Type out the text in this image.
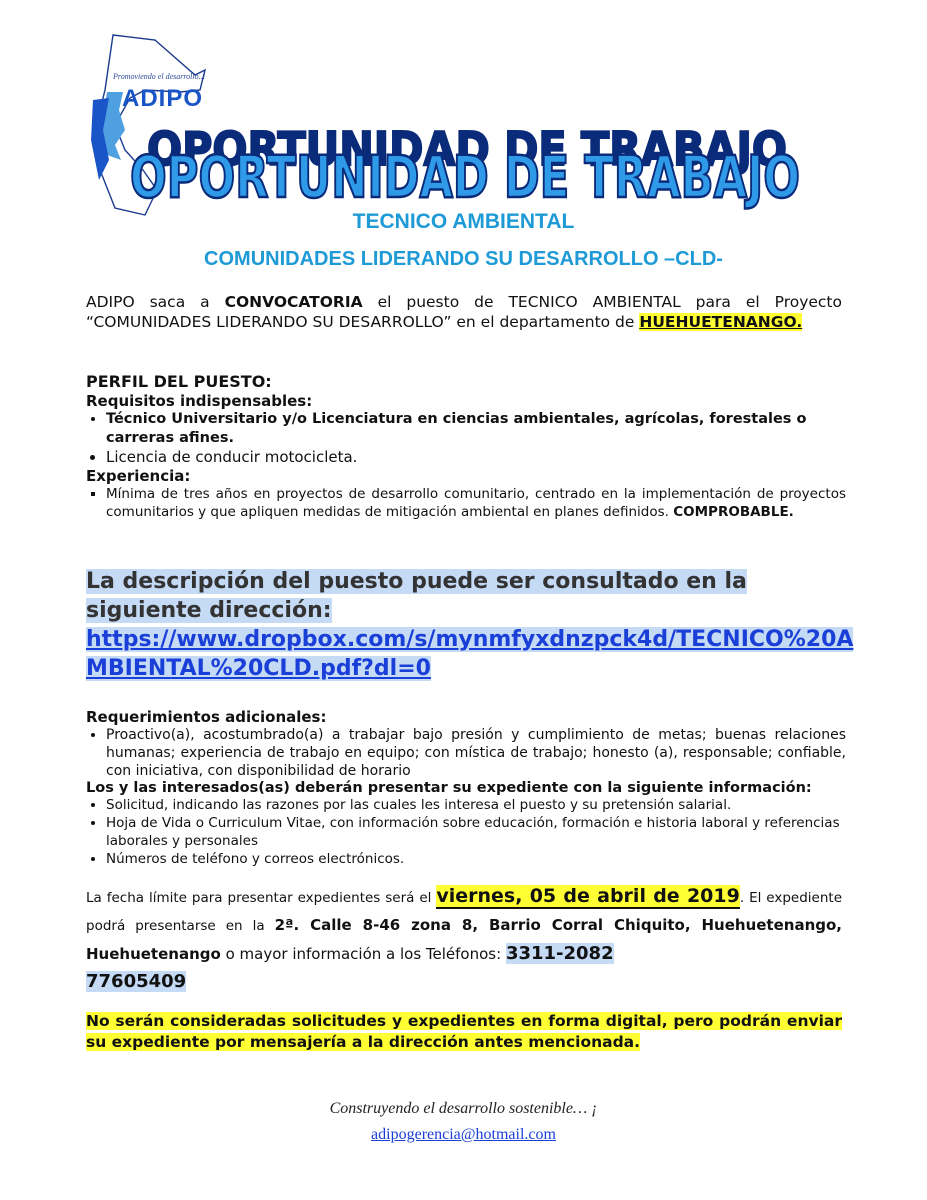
Promoviendo el desarrollo..!
ADIPO
OPORTUNIDAD DE TRABAJO
OPORTUNIDAD DE TRABAJO
TECNICO AMBIENTAL
COMUNIDADES LIDERANDO SU DESARROLLO –CLD-
ADIPO saca a CONVOCATORIA el puesto de TECNICO AMBIENTAL para el Proyecto “COMUNIDADES LIDERANDO SU DESARROLLO” en el departamento de HUEHUETENANGO.
PERFIL DEL PUESTO:
Requisitos indispensables:
• Técnico Universitario y/o Licenciatura en ciencias ambientales, agrícolas, forestales o carreras afines.
• Licencia de conducir motocicleta.
Experiencia:
▪ Mínima de tres años en proyectos de desarrollo comunitario, centrado en la implementación de proyectos comunitarios y que apliquen medidas de mitigación ambiental en planes definidos. COMPROBABLE.
La descripción del puesto puede ser consultado en la siguiente dirección:
https://www.dropbox.com/s/mynmfyxdnzpck4d/TECNICO%20A
MBIENTAL%20CLD.pdf?dl=0
Requerimientos adicionales:
• Proactivo(a), acostumbrado(a) a trabajar bajo presión y cumplimiento de metas; buenas relaciones humanas; experiencia de trabajo en equipo; con mística de trabajo; honesto (a), responsable; confiable, con iniciativa, con disponibilidad de horario
Los y las interesados(as) deberán presentar su expediente con la siguiente información:
• Solicitud, indicando las razones por las cuales les interesa el puesto y su pretensión salarial.
• Hoja de Vida o Curriculum Vitae, con información sobre educación, formación e historia laboral y referencias laborales y personales
• Números de teléfono y correos electrónicos.
La fecha límite para presentar expedientes será el viernes, 05 de abril de 2019. El expediente podrá presentarse en la 2ª. Calle 8-46 zona 8, Barrio Corral Chiquito, Huehuetenango, Huehuetenango o mayor información a los Teléfonos: 3311-2082
77605409
No serán consideradas solicitudes y expedientes en forma digital, pero podrán enviar su expediente por mensajería a la dirección antes mencionada.
Construyendo el desarrollo sostenible… ¡
adipogerencia@hotmail.com
